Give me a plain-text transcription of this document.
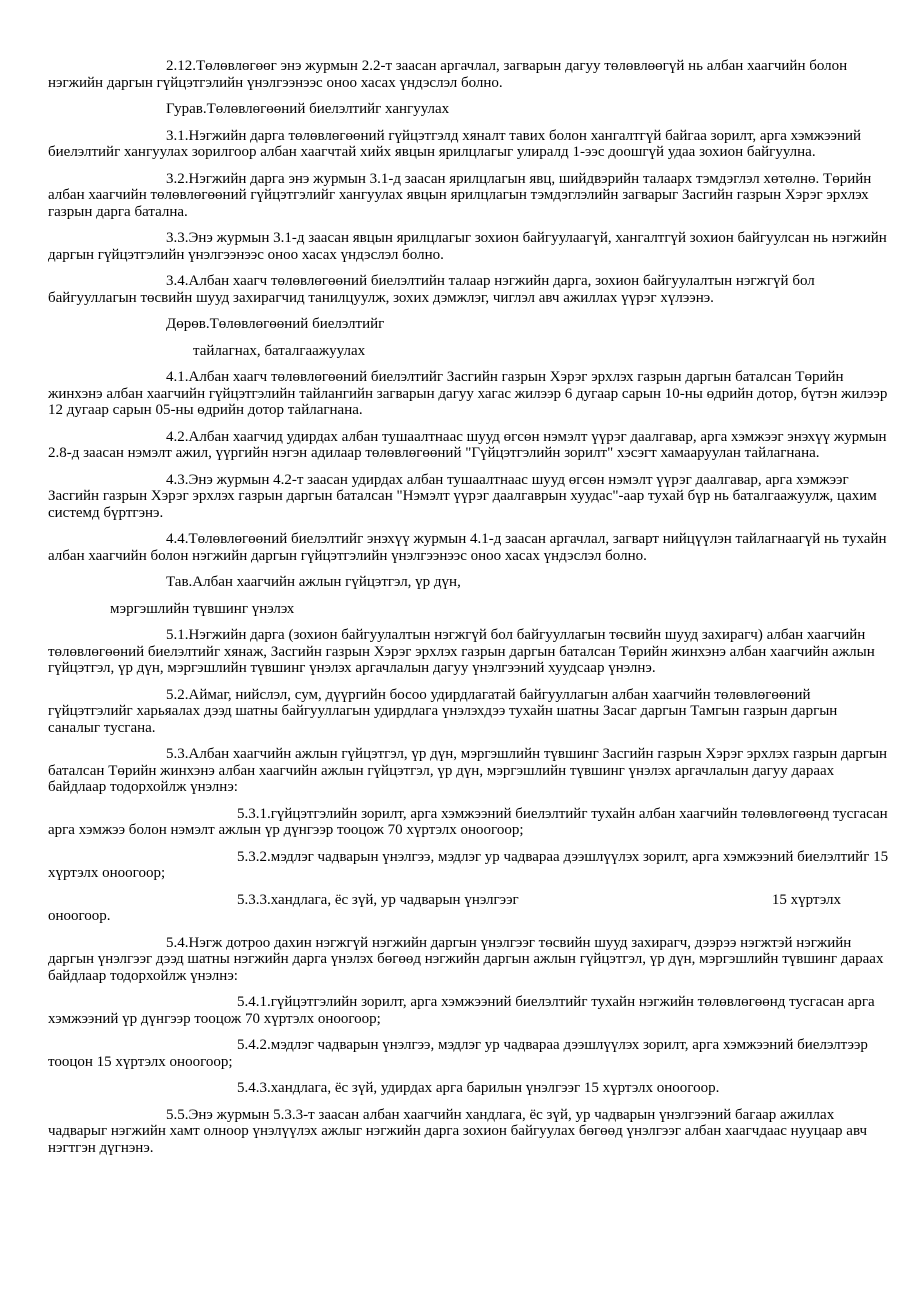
2.12.Төлөвлөгөөг энэ журмын 2.2-т заасан аргачлал, загварын дагуу төлөвлөөгүй нь албан хаагчийн болон нэгжийн даргын гүйцэтгэлийн үнэлгээнээс оноо хасах үндэслэл болно.
Гурав.Төлөвлөгөөний биелэлтийг хангуулах
3.1.Нэгжийн дарга төлөвлөгөөний гүйцэтгэлд хяналт тавих болон хангалтгүй байгаа зорилт, арга хэмжээний биелэлтийг хангуулах зорилгоор албан хаагчтай хийх явцын ярилцлагыг улиралд 1-ээс доошгүй удаа зохион байгуулна.
3.2.Нэгжийн дарга энэ журмын 3.1-д заасан ярилцлагын явц, шийдвэрийн талаарх тэмдэглэл хөтөлнө. Төрийн албан хаагчийн төлөвлөгөөний гүйцэтгэлийг хангуулах явцын ярилцлагын тэмдэглэлийн загварыг Засгийн газрын Хэрэг эрхлэх газрын дарга батална.
3.3.Энэ журмын 3.1-д заасан явцын ярилцлагыг зохион байгуулаагүй, хангалтгүй зохион байгуулсан нь нэгжийн даргын гүйцэтгэлийн үнэлгээнээс оноо хасах үндэслэл болно.
3.4.Албан хаагч төлөвлөгөөний биелэлтийн талаар нэгжийн дарга, зохион байгуулалтын нэгжгүй бол байгууллагын төсвийн шууд захирагчид танилцуулж, зохих дэмжлэг, чиглэл авч ажиллах үүрэг хүлээнэ.
Дөрөв.Төлөвлөгөөний биелэлтийг
тайлагнах, баталгаажуулах
4.1.Албан хаагч төлөвлөгөөний биелэлтийг Засгийн газрын Хэрэг эрхлэх газрын даргын баталсан Төрийн жинхэнэ албан хаагчийн гүйцэтгэлийн тайлангийн загварын дагуу хагас жилээр 6 дугаар сарын 10-ны өдрийн дотор, бүтэн жилээр 12 дугаар сарын 05-ны өдрийн дотор тайлагнана.
4.2.Албан хаагчид удирдах албан тушаалтнаас шууд өгсөн нэмэлт үүрэг даалгавар, арга хэмжээг энэхүү журмын 2.8-д заасан нэмэлт ажил, үүргийн нэгэн адилаар төлөвлөгөөний "Гүйцэтгэлийн зорилт" хэсэгт хамааруулан тайлагнана.
4.3.Энэ журмын 4.2-т заасан удирдах албан тушаалтнаас шууд өгсөн нэмэлт үүрэг даалгавар, арга хэмжээг Засгийн газрын Хэрэг эрхлэх газрын даргын баталсан "Нэмэлт үүрэг даалгаврын хуудас"-аар тухай бүр нь баталгаажуулж, цахим системд бүртгэнэ.
4.4.Төлөвлөгөөний биелэлтийг энэхүү журмын 4.1-д заасан аргачлал, загварт нийцүүлэн тайлагнаагүй нь тухайн албан хаагчийн болон нэгжийн даргын гүйцэтгэлийн үнэлгээнээс оноо хасах үндэслэл болно.
Тав.Албан хаагчийн ажлын гүйцэтгэл, үр дүн,
мэргэшлийн түвшинг үнэлэх
5.1.Нэгжийн дарга (зохион байгуулалтын нэгжгүй бол байгууллагын төсвийн шууд захирагч) албан хаагчийн төлөвлөгөөний биелэлтийг хянаж, Засгийн газрын Хэрэг эрхлэх газрын даргын баталсан Төрийн жинхэнэ албан хаагчийн ажлын гүйцэтгэл, үр дүн, мэргэшлийн түвшинг үнэлэх аргачлалын дагуу үнэлгээний хуудсаар үнэлнэ.
5.2.Аймаг, нийслэл, сум, дүүргийн босоо удирдлагатай байгууллагын албан хаагчийн төлөвлөгөөний гүйцэтгэлийг харьяалах дээд шатны байгууллагын удирдлага үнэлэхдээ тухайн шатны Засаг даргын Тамгын газрын даргын саналыг тусгана.
5.3.Албан хаагчийн ажлын гүйцэтгэл, үр дүн, мэргэшлийн түвшинг Засгийн газрын Хэрэг эрхлэх газрын даргын баталсан Төрийн жинхэнэ албан хаагчийн ажлын гүйцэтгэл, үр дүн, мэргэшлийн түвшинг үнэлэх аргачлалын дагуу дараах байдлаар тодорхойлж үнэлнэ:
5.3.1.гүйцэтгэлийн зорилт, арга хэмжээний биелэлтийг тухайн албан хаагчийн төлөвлөгөөнд тусгасан арга хэмжээ болон нэмэлт ажлын үр дүнгээр тооцож 70 хүртэлх оноогоор;
5.3.2.мэдлэг чадварын үнэлгээ, мэдлэг ур чадвараа дээшлүүлэх зорилт, арга хэмжээний биелэлтийг 15 хүртэлх оноогоор;
5.3.3.хандлага, ёс зүй, ур чадварын үнэлгээг	15 хүртэлх
оноогоор.
5.4.Нэгж дотроо дахин нэгжгүй нэгжийн даргын үнэлгээг төсвийн шууд захирагч, дээрээ нэгжтэй нэгжийн даргын үнэлгээг дээд шатны нэгжийн дарга үнэлэх бөгөөд нэгжийн даргын ажлын гүйцэтгэл, үр дүн, мэргэшлийн түвшинг дараах байдлаар тодорхойлж үнэлнэ:
5.4.1.гүйцэтгэлийн зорилт, арга хэмжээний биелэлтийг тухайн нэгжийн төлөвлөгөөнд тусгасан арга хэмжээний үр дүнгээр тооцож 70 хүртэлх оноогоор;
5.4.2.мэдлэг чадварын үнэлгээ, мэдлэг ур чадвараа дээшлүүлэх зорилт, арга хэмжээний биелэлтээр тооцон 15 хүртэлх оноогоор;
5.4.3.хандлага, ёс зүй, удирдах арга барилын үнэлгээг 15 хүртэлх оноогоор.
5.5.Энэ журмын 5.3.3-т заасан албан хаагчийн хандлага, ёс зүй, ур чадварын үнэлгээний багаар ажиллах чадварыг нэгжийн хамт олноор үнэлүүлэх ажлыг нэгжийн дарга зохион байгуулах бөгөөд үнэлгээг албан хаагчдаас нууцаар авч нэгтгэн дүгнэнэ.
